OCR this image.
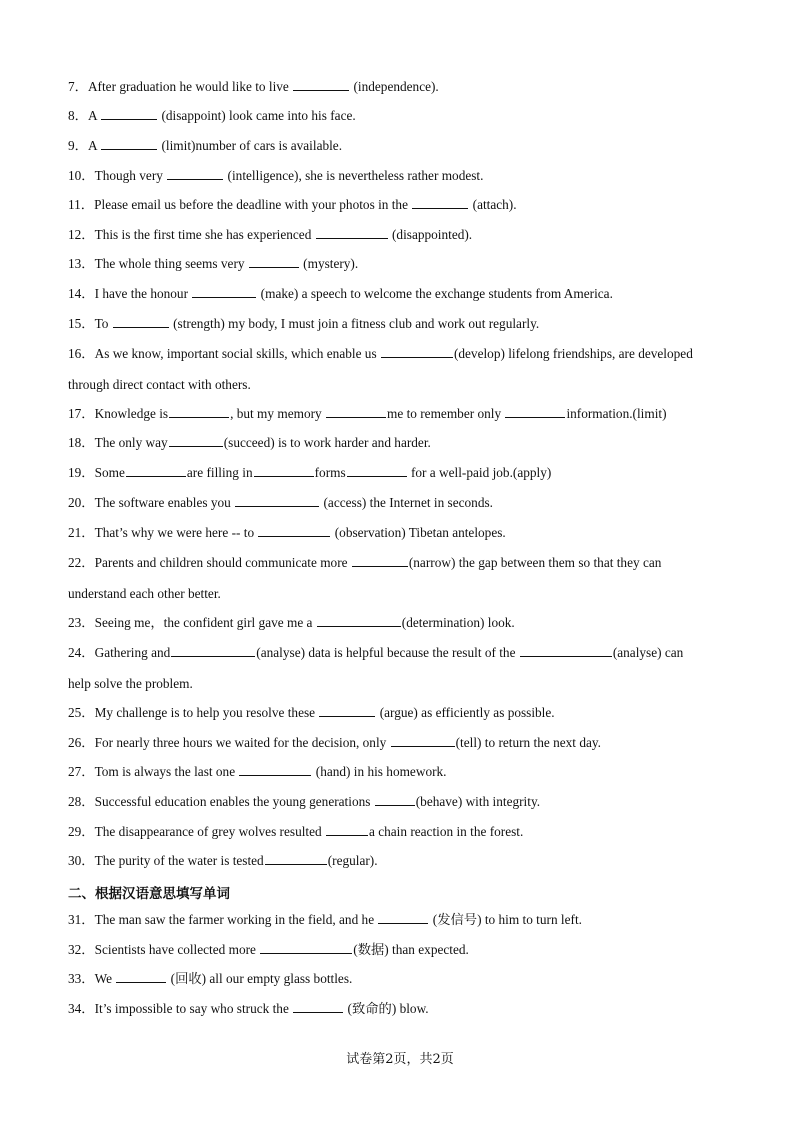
7．After graduation he would like to live	(independence).
8．A	(disappoint) look came into his face.
9．A	(limit)number of cars is available.
10．Though very	(intelligence), she is nevertheless rather modest.
11．Please email us before the deadline with your photos in the	(attach).
12．This is the first time she has experienced	(disappointed).
13．The whole thing seems very	(mystery).
14．I have the honour	(make) a speech to welcome the exchange students from America.
15．To	(strength) my body, I must join a fitness club and work out regularly.
16．As we know, important social skills, which enable us	(develop) lifelong friendships, are developed
through direct contact with others.
17．Knowledge is	, but my memory	me to remember only	information.(limit)
18．The only way	(succeed) is to work harder and harder.
19．Some	are filling in	forms	for a well-paid job.(apply)
20．The software enables you	(access) the Internet in seconds.
21．That’s why we were here -- to	(observation) Tibetan antelopes.
22．Parents and children should communicate more	(narrow) the gap between them so that they can
understand each other better.
23．Seeing me，the confident girl gave me a	(determination) look.
24．Gathering and	(analyse) data is helpful because the result of the	(analyse) can
help solve the problem.
25．My challenge is to help you resolve these	(argue) as efficiently as possible.
26．For nearly three hours we waited for the decision, only	(tell) to return the next day.
27．Tom is always the last one	(hand) in his homework.
28．Successful education enables the young generations	(behave) with integrity.
29．The disappearance of grey wolves resulted	a chain reaction in the forest.
30．The purity of the water is tested	(regular).
二、根据汉语意思填写单词
31．The man saw the farmer working in the field, and he	(发信号) to him to turn left.
32．Scientists have collected more	(数据) than expected.
33．We	(回收) all our empty glass bottles.
34．It’s impossible to say who struck the	(致命的) blow.
试卷第2页，共2页
